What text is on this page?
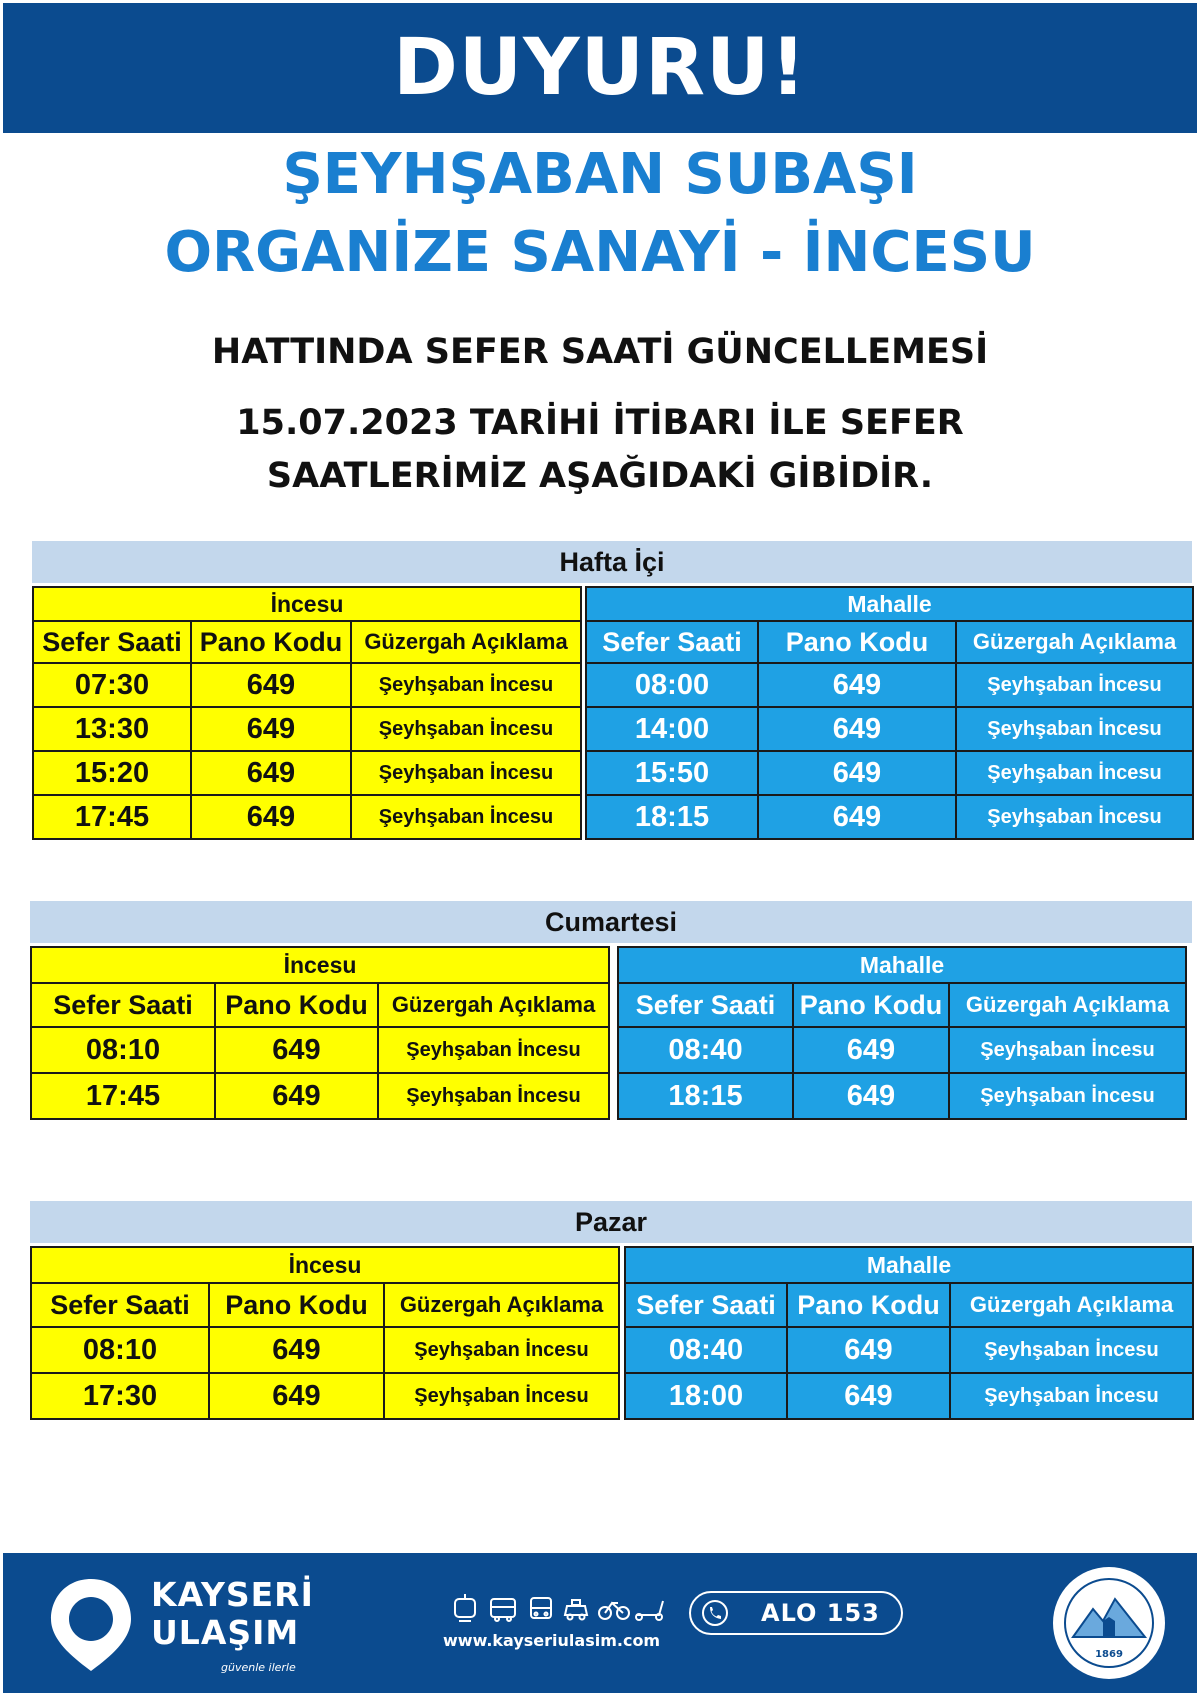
DUYURU!
ŞEYHŞABAN SUBAŞI
ORGANİZE SANAYİ - İNCESU
HATTINDA SEFER SAATİ GÜNCELLEMESİ
15.07.2023 TARİHİ İTİBARI İLE SEFER
SAATLERİMİZ AŞAĞIDAKİ GİBİDİR.
Hafta İçi
İncesu		
Sefer Saati	Pano Kodu	Güzergah Açıklama
07:30	649	Şeyhşaban İncesu
13:30	649	Şeyhşaban İncesu
15:20	649	Şeyhşaban İncesu
17:45	649	Şeyhşaban İncesu
Mahalle		
Sefer Saati	Pano Kodu	Güzergah Açıklama
08:00	649	Şeyhşaban İncesu
14:00	649	Şeyhşaban İncesu
15:50	649	Şeyhşaban İncesu
18:15	649	Şeyhşaban İncesu
Cumartesi
İncesu		
Sefer Saati	Pano Kodu	Güzergah Açıklama
08:10	649	Şeyhşaban İncesu
17:45	649	Şeyhşaban İncesu
Mahalle		
Sefer Saati	Pano Kodu	Güzergah Açıklama
08:40	649	Şeyhşaban İncesu
18:15	649	Şeyhşaban İncesu
Pazar
İncesu		
Sefer Saati	Pano Kodu	Güzergah Açıklama
08:10	649	Şeyhşaban İncesu
17:30	649	Şeyhşaban İncesu
Mahalle		
Sefer Saati	Pano Kodu	Güzergah Açıklama
08:40	649	Şeyhşaban İncesu
18:00	649	Şeyhşaban İncesu
KAYSERİ
ULAŞIM
güvenle ilerle
www.kayseriulasim.com
ALO 153
1869
